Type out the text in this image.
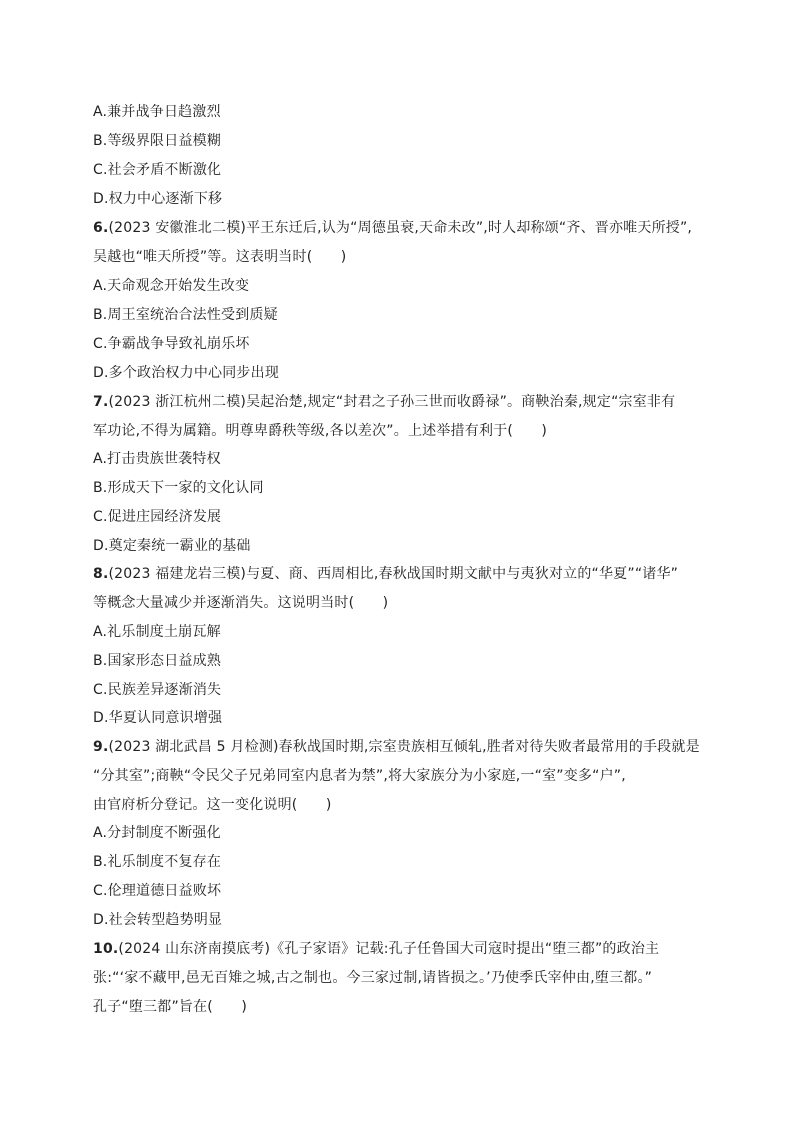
A.兼并战争日趋激烈
B.等级界限日益模糊
C.社会矛盾不断激化
D.权力中心逐渐下移
6.(2023 安徽淮北二模)平王东迁后,认为“周德虽衰,天命未改”,时人却称颂“齐、晋亦唯天所授”,
吴越也“唯天所授”等。这表明当时(　　)
A.天命观念开始发生改变
B.周王室统治合法性受到质疑
C.争霸战争导致礼崩乐坏
D.多个政治权力中心同步出现
7.(2023 浙江杭州二模)吴起治楚,规定“封君之子孙三世而收爵禄”。商鞅治秦,规定“宗室非有
军功论,不得为属籍。明尊卑爵秩等级,各以差次”。上述举措有利于(　　)
A.打击贵族世袭特权
B.形成天下一家的文化认同
C.促进庄园经济发展
D.奠定秦统一霸业的基础
8.(2023 福建龙岩三模)与夏、商、西周相比,春秋战国时期文献中与夷狄对立的“华夏”“诸华”
等概念大量减少并逐渐消失。这说明当时(　　)
A.礼乐制度土崩瓦解
B.国家形态日益成熟
C.民族差异逐渐消失
D.华夏认同意识增强
9.(2023 湖北武昌 5 月检测)春秋战国时期,宗室贵族相互倾轧,胜者对待失败者最常用的手段就是
“分其室”;商鞅“令民父子兄弟同室内息者为禁”,将大家族分为小家庭,一“室”变多“户”,
由官府析分登记。这一变化说明(　　)
A.分封制度不断强化
B.礼乐制度不复存在
C.伦理道德日益败坏
D.社会转型趋势明显
10.(2024 山东济南摸底考)《孔子家语》记载:孔子任鲁国大司寇时提出“堕三都”的政治主
张:“‘家不藏甲,邑无百雉之城,古之制也。今三家过制,请皆损之。’乃使季氏宰仲由,堕三都。”
孔子“堕三都”旨在(　　)
